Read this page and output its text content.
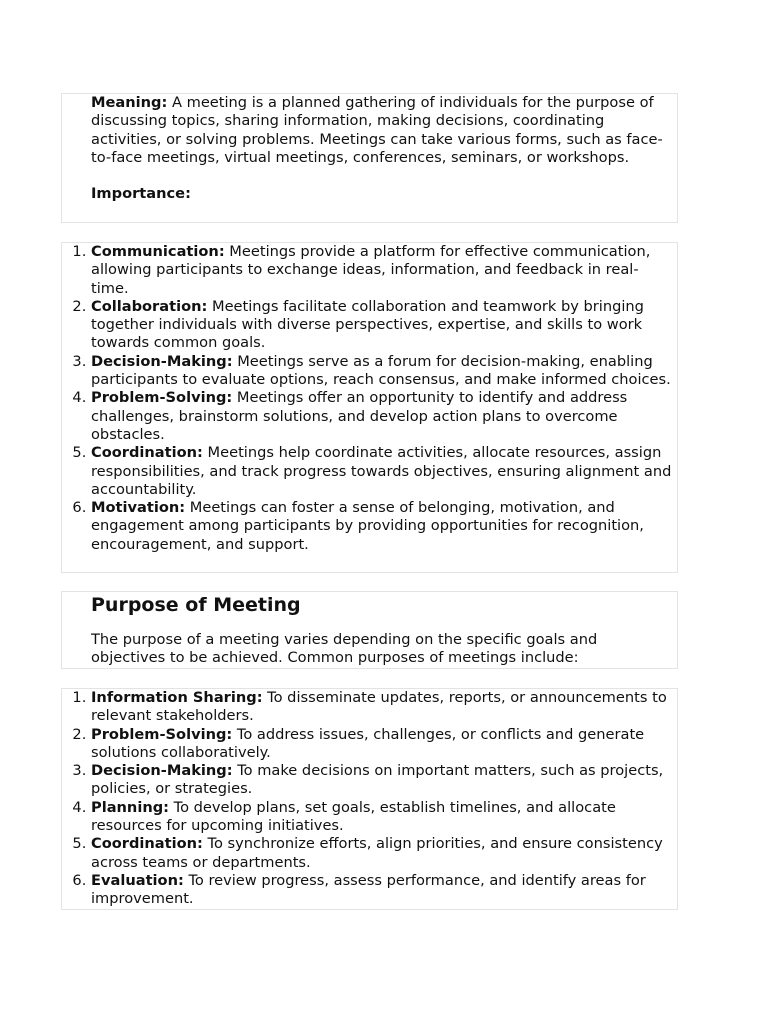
Meaning: A meeting is a planned gathering of individuals for the purpose of discussing topics, sharing information, making decisions, coordinating activities, or solving problems. Meetings can take various forms, such as face-to-face meetings, virtual meetings, conferences, seminars, or workshops.

Importance:

1. Communication: Meetings provide a platform for effective communication, allowing participants to exchange ideas, information, and feedback in real-time.
2. Collaboration: Meetings facilitate collaboration and teamwork by bringing together individuals with diverse perspectives, expertise, and skills to work towards common goals.
3. Decision-Making: Meetings serve as a forum for decision-making, enabling participants to evaluate options, reach consensus, and make informed choices.
4. Problem-Solving: Meetings offer an opportunity to identify and address challenges, brainstorm solutions, and develop action plans to overcome obstacles.
5. Coordination: Meetings help coordinate activities, allocate resources, assign responsibilities, and track progress towards objectives, ensuring alignment and accountability.
6. Motivation: Meetings can foster a sense of belonging, motivation, and engagement among participants by providing opportunities for recognition, encouragement, and support.
Purpose of Meeting

The purpose of a meeting varies depending on the specific goals and objectives to be achieved. Common purposes of meetings include:

1. Information Sharing: To disseminate updates, reports, or announcements to relevant stakeholders.
2. Problem-Solving: To address issues, challenges, or conflicts and generate solutions collaboratively.
3. Decision-Making: To make decisions on important matters, such as projects, policies, or strategies.
4. Planning: To develop plans, set goals, establish timelines, and allocate resources for upcoming initiatives.
5. Coordination: To synchronize efforts, align priorities, and ensure consistency across teams or departments.
6. Evaluation: To review progress, assess performance, and identify areas for improvement.
